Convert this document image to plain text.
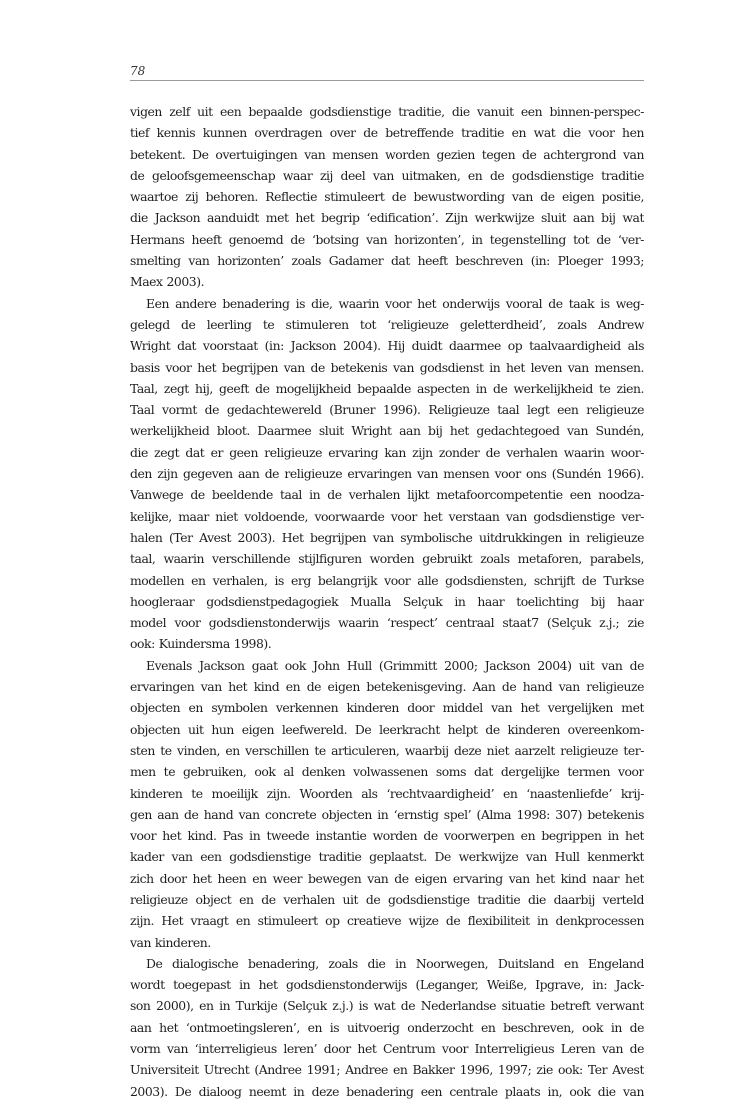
78
vigen zelf uit een bepaalde godsdienstige traditie, die vanuit een binnen-perspec-
tief kennis kunnen overdragen over de betreffende traditie en wat die voor hen
betekent. De overtuigingen van mensen worden gezien tegen de achtergrond van
de geloofsgemeenschap waar zij deel van uitmaken, en de godsdienstige traditie
waartoe zij behoren. Reflectie stimuleert de bewustwording van de eigen positie,
die Jackson aanduidt met het begrip ‘edification’. Zijn werkwijze sluit aan bij wat
Hermans heeft genoemd de ‘botsing van horizonten’, in tegenstelling tot de ‘ver-
smelting van horizonten’ zoals Gadamer dat heeft beschreven (in: Ploeger 1993;
Maex 2003).
Een andere benadering is die, waarin voor het onderwijs vooral de taak is weg-
gelegd de leerling te stimuleren tot ‘religieuze geletterdheid’, zoals Andrew
Wright dat voorstaat (in: Jackson 2004). Hij duidt daarmee op taalvaardigheid als
basis voor het begrijpen van de betekenis van godsdienst in het leven van mensen.
Taal, zegt hij, geeft de mogelijkheid bepaalde aspecten in de werkelijkheid te zien.
Taal vormt de gedachtewereld (Bruner 1996). Religieuze taal legt een religieuze
werkelijkheid bloot. Daarmee sluit Wright aan bij het gedachtegoed van Sundén,
die zegt dat er geen religieuze ervaring kan zijn zonder de verhalen waarin woor-
den zijn gegeven aan de religieuze ervaringen van mensen voor ons (Sundén 1966).
Vanwege de beeldende taal in de verhalen lijkt metafoorcompetentie een noodza-
kelijke, maar niet voldoende, voorwaarde voor het verstaan van godsdienstige ver-
halen (Ter Avest 2003). Het begrijpen van symbolische uitdrukkingen in religieuze
taal, waarin verschillende stijlfiguren worden gebruikt zoals metaforen, parabels,
modellen en verhalen, is erg belangrijk voor alle godsdiensten, schrijft de Turkse
hoogleraar godsdienstpedagogiek Mualla Selçuk in haar toelichting bij haar
model voor godsdienstonderwijs waarin ‘respect’ centraal staat7 (Selçuk z.j.; zie
ook: Kuindersma 1998).
Evenals Jackson gaat ook John Hull (Grimmitt 2000; Jackson 2004) uit van de
ervaringen van het kind en de eigen betekenisgeving. Aan de hand van religieuze
objecten en symbolen verkennen kinderen door middel van het vergelijken met
objecten uit hun eigen leefwereld. De leerkracht helpt de kinderen overeenkom-
sten te vinden, en verschillen te articuleren, waarbij deze niet aarzelt religieuze ter-
men te gebruiken, ook al denken volwassenen soms dat dergelijke termen voor
kinderen te moeilijk zijn. Woorden als ‘rechtvaardigheid’ en ‘naastenliefde’ krij-
gen aan de hand van concrete objecten in ‘ernstig spel’ (Alma 1998: 307) betekenis
voor het kind. Pas in tweede instantie worden de voorwerpen en begrippen in het
kader van een godsdienstige traditie geplaatst. De werkwijze van Hull kenmerkt
zich door het heen en weer bewegen van de eigen ervaring van het kind naar het
religieuze object en de verhalen uit de godsdienstige traditie die daarbij verteld
zijn. Het vraagt en stimuleert op creatieve wijze de flexibiliteit in denkprocessen
van kinderen.
De dialogische benadering, zoals die in Noorwegen, Duitsland en Engeland
wordt toegepast in het godsdienstonderwijs (Leganger, Weiße, Ipgrave, in: Jack-
son 2000), en in Turkije (Selçuk z.j.) is wat de Nederlandse situatie betreft verwant
aan het ‘ontmoetingsleren’, en is uitvoerig onderzocht en beschreven, ook in de
vorm van ‘interreligieus leren’ door het Centrum voor Interreligieus Leren van de
Universiteit Utrecht (Andree 1991; Andree en Bakker 1996, 1997; zie ook: Ter Avest
2003). De dialoog neemt in deze benadering een centrale plaats in, ook die van
